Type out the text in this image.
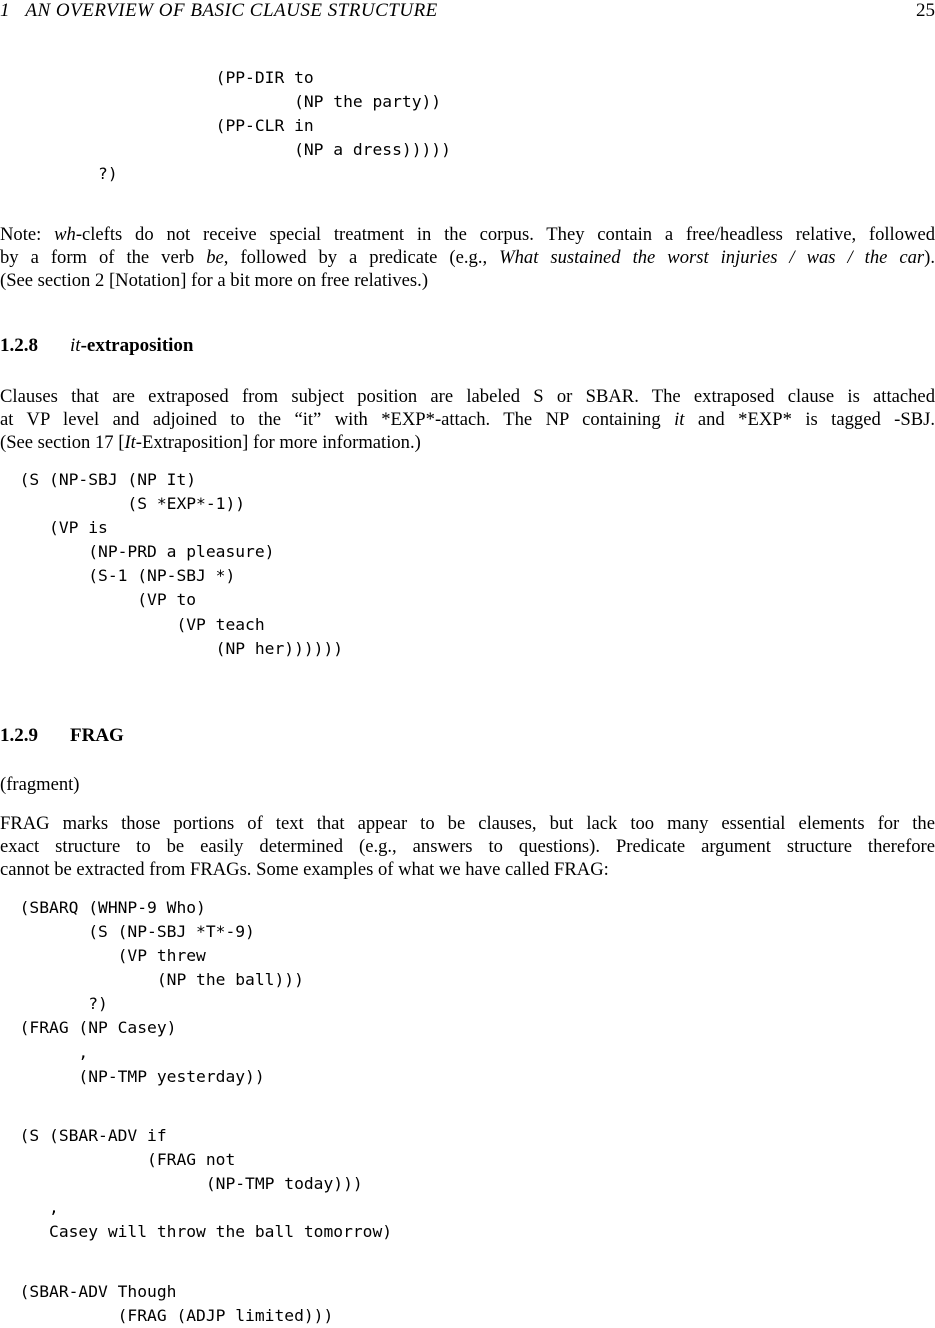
1   AN OVERVIEW OF BASIC CLAUSE STRUCTURE	25
(PP-DIR to
(NP the party))
(PP-CLR in
(NP a dress)))))
?)
Note: wh-clefts do not receive special treatment in the corpus. They contain a free/headless relative, followed
by a form of the verb be, followed by a predicate (e.g., What sustained the worst injuries / was / the car).
(See section 2 [Notation] for a bit more on free relatives.)
1.2.8 it-extraposition
Clauses that are extraposed from subject position are labeled S or SBAR. The extraposed clause is attached
at VP level and adjoined to the “it” with *EXP*-attach. The NP containing it and *EXP* is tagged -SBJ.
(See section 17 [It-Extraposition] for more information.)
(S (NP-SBJ (NP It)
(S *EXP*-1))
(VP is
(NP-PRD a pleasure)
(S-1 (NP-SBJ *)
(VP to
(VP teach
(NP her))))))
1.2.9 FRAG
(fragment)
FRAG marks those portions of text that appear to be clauses, but lack too many essential elements for the
exact structure to be easily determined (e.g., answers to questions). Predicate argument structure therefore
cannot be extracted from FRAGs. Some examples of what we have called FRAG:
(SBARQ (WHNP-9 Who)
(S (NP-SBJ *T*-9)
(VP threw
(NP the ball)))
?)
(FRAG (NP Casey)
,
(NP-TMP yesterday))
(S (SBAR-ADV if
(FRAG not
(NP-TMP today)))
,
Casey will throw the ball tomorrow)
(SBAR-ADV Though
(FRAG (ADJP limited)))
